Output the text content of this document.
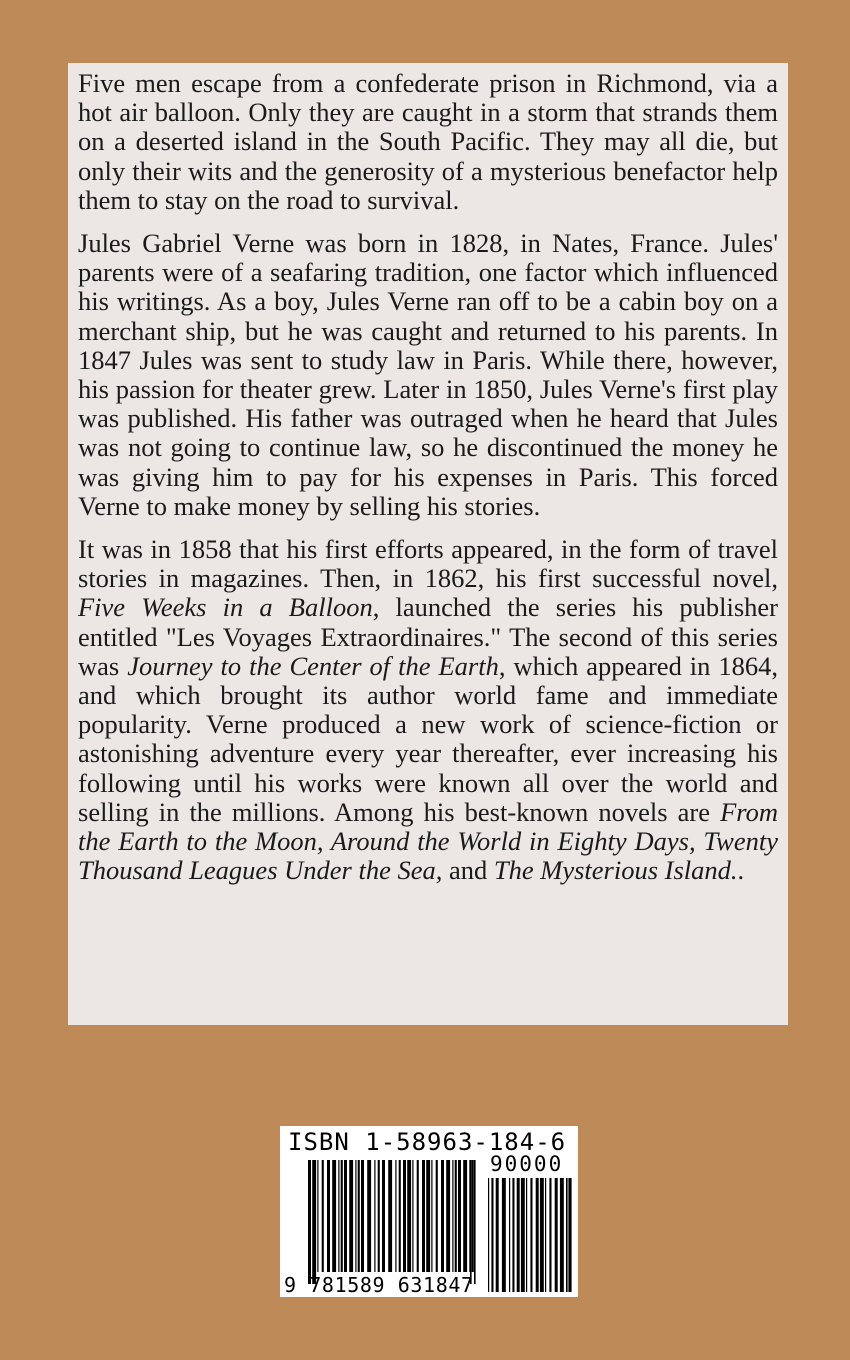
Five men escape from a confederate prison in Richmond, via a hot air balloon. Only they are caught in a storm that strands them on a deserted island in the South Pacific. They may all die, but only their wits and the generosity of a mysterious benefactor help them to stay on the road to survival.

Jules Gabriel Verne was born in 1828, in Nates, France. Jules' parents were of a seafaring tradition, one factor which influenced his writings. As a boy, Jules Verne ran off to be a cabin boy on a merchant ship, but he was caught and returned to his parents. In 1847 Jules was sent to study law in Paris. While there, however, his passion for theater grew. Later in 1850, Jules Verne's first play was published. His father was outraged when he heard that Jules was not going to continue law, so he discontinued the money he was giving him to pay for his expenses in Paris. This forced Verne to make money by selling his stories.

It was in 1858 that his first efforts appeared, in the form of travel stories in magazines. Then, in 1862, his first successful novel, Five Weeks in a Balloon, launched the series his publisher entitled "Les Voyages Extraordinaires." The second of this series was Journey to the Center of the Earth, which appeared in 1864, and which brought its author world fame and immediate popularity. Verne produced a new work of science-fiction or astonishing adventure every year thereafter, ever increasing his following until his works were known all over the world and selling in the millions. Among his best-known novels are From the Earth to the Moon, Around the World in Eighty Days, Twenty Thousand Leagues Under the Sea, and The Mysterious Island..

ISBN 1-58963-184-6
90000
9 781589 631847
